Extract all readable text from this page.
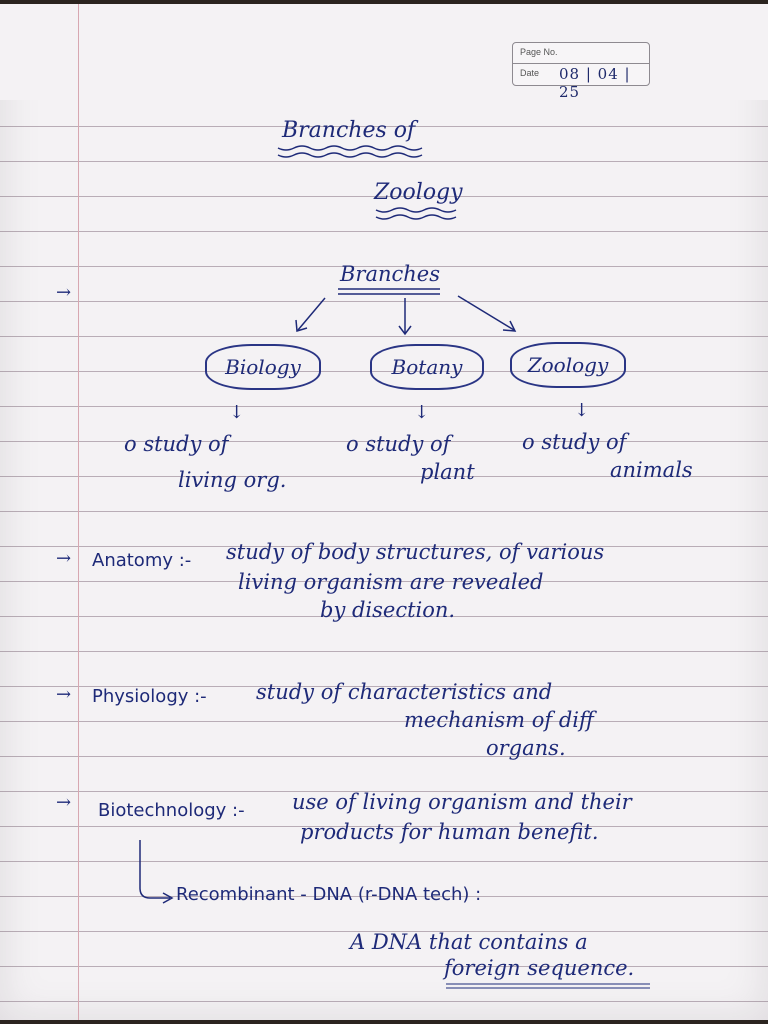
Page No.
Date 08 | 04 | 25
Branches of
Zoology
→
Branches
Biology	Botany	Zoology
↓	↓	↓
o study of
living org.
o study of
plant
o study of
animals
→ Anatomy :- study of body structures, of various
living organism are revealed
by disection.
→ Physiology :- study of characteristics and
mechanism of diff
organs.
→ Biotechnology :- use of living organism and their
products for human benefit.
Recombinant - DNA (r-DNA tech) :
A DNA that contains a
foreign sequence.
